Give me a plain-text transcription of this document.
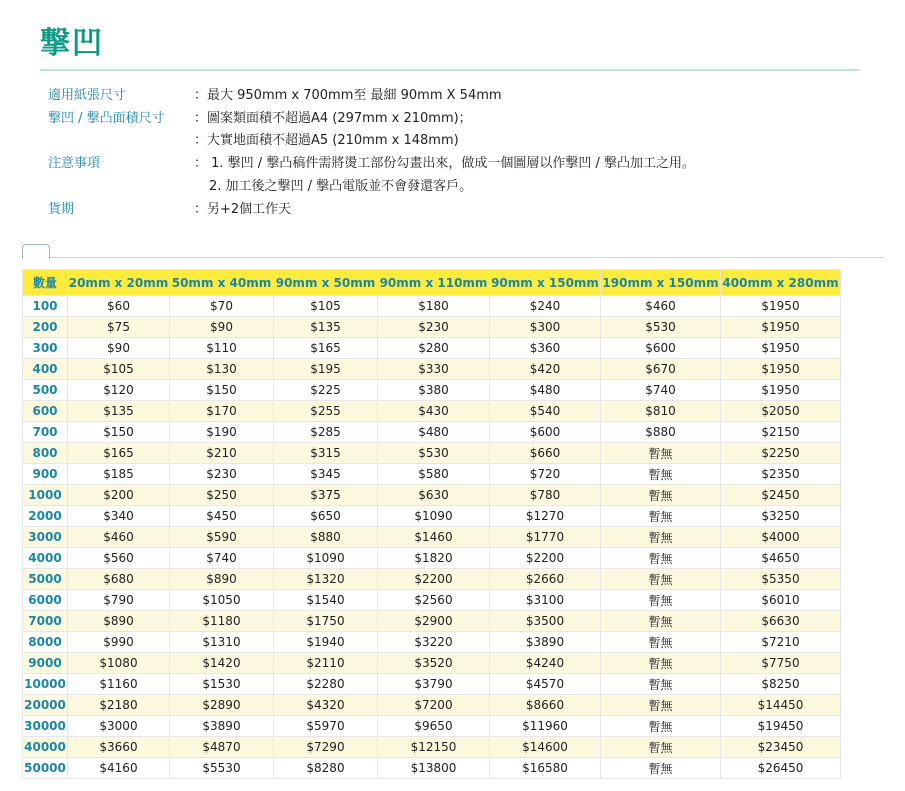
撃凹
適用紙張尺寸	：最大 950mm x 700mm至 最細 90mm X 54mm
撃凹 / 撃凸面積尺寸 ：圖案類面積不超過A4 (297mm x 210mm)；
：大實地面積不超過A5 (210mm x 148mm)
注意事項	： 1. 撃凹 / 撃凸稿件需將燙工部份勾畫出來，做成一個圖層以作撃凹 / 撃凸加工之用。
2. 加工後之撃凹 / 撃凸電版並不會發還客戶。
貨期	：另+2個工作天
數量	20mm x 20mm	50mm x 40mm	90mm x 50mm	90mm x 110mm	90mm x 150mm	190mm x 150mm	400mm x 280mm
100	$60	$70	$105	$180	$240	$460	$1950
200	$75	$90	$135	$230	$300	$530	$1950
300	$90	$110	$165	$280	$360	$600	$1950
400	$105	$130	$195	$330	$420	$670	$1950
500	$120	$150	$225	$380	$480	$740	$1950
600	$135	$170	$255	$430	$540	$810	$2050
700	$150	$190	$285	$480	$600	$880	$2150
800	$165	$210	$315	$530	$660	暫無	$2250
900	$185	$230	$345	$580	$720	暫無	$2350
1000	$200	$250	$375	$630	$780	暫無	$2450
2000	$340	$450	$650	$1090	$1270	暫無	$3250
3000	$460	$590	$880	$1460	$1770	暫無	$4000
4000	$560	$740	$1090	$1820	$2200	暫無	$4650
5000	$680	$890	$1320	$2200	$2660	暫無	$5350
6000	$790	$1050	$1540	$2560	$3100	暫無	$6010
7000	$890	$1180	$1750	$2900	$3500	暫無	$6630
8000	$990	$1310	$1940	$3220	$3890	暫無	$7210
9000	$1080	$1420	$2110	$3520	$4240	暫無	$7750
10000	$1160	$1530	$2280	$3790	$4570	暫無	$8250
20000	$2180	$2890	$4320	$7200	$8660	暫無	$14450
30000	$3000	$3890	$5970	$9650	$11960	暫無	$19450
40000	$3660	$4870	$7290	$12150	$14600	暫無	$23450
50000	$4160	$5530	$8280	$13800	$16580	暫無	$26450
